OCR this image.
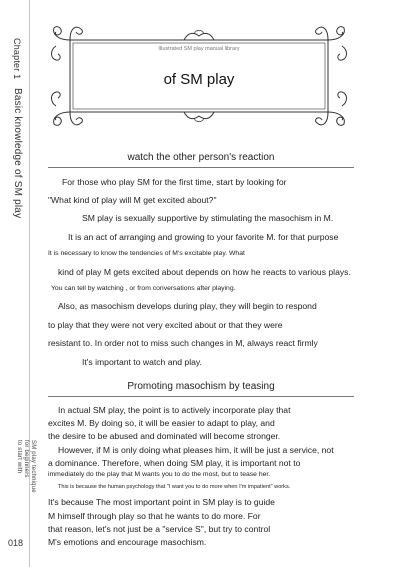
Chapter 1
Basic knowledge of SM play
SM play technique
for beginners
to start with
018
Illustrated SM play manual library
of SM play
watch the other person's reaction
For those who play SM for the first time, start by looking for
"What kind of play will M get excited about?"
SM play is sexually supportive by stimulating the masochism in M.
It is an act of arranging and growing to your favorite M. for that purpose
It is necessary to know the tendencies of M's excitable play. What
kind of play M gets excited about depends on how he reacts to various plays.
You can tell by watching , or from conversations after playing.
Also, as masochism develops during play, they will begin to respond
to play that they were not very excited about or that they were
resistant to. In order not to miss such changes in M, always react firmly
It's important to watch and play.
Promoting masochism by teasing
In actual SM play, the point is to actively incorporate play that
excites M. By doing so, it will be easier to adapt to play, and
the desire to be abused and dominated will become stronger.
However, if M is only doing what pleases him, it will be just a service, not
a dominance. Therefore, when doing SM play, it is important not to
immediately do the play that M wants you to do the most, but to tease her.
This is because the human psychology that "I want you to do more when I'm impatient" works.
It's because The most important point in SM play is to guide
M himself through play so that he wants to do more. For
that reason, let's not just be a "service S", but try to control
M's emotions and encourage masochism.
